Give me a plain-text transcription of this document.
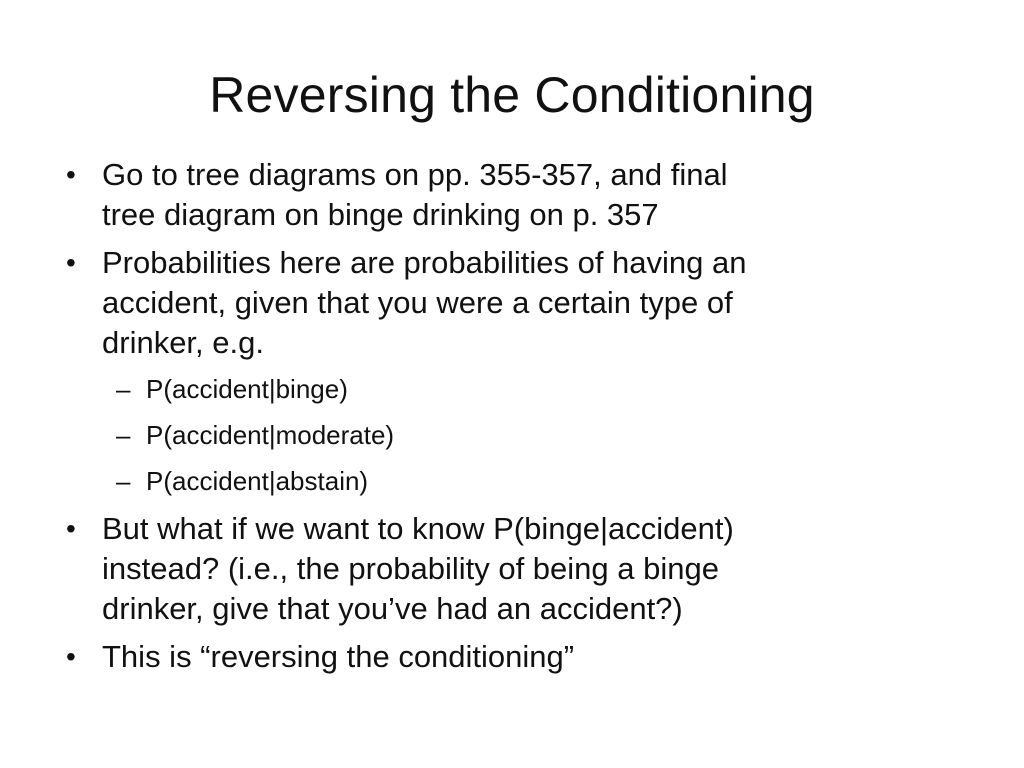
Reversing the Conditioning
• Go to tree diagrams on pp. 355-357, and final
tree diagram on binge drinking on p. 357
• Probabilities here are probabilities of having an
accident, given that you were a certain type of
drinker, e.g.
– P(accident|binge)
– P(accident|moderate)
– P(accident|abstain)
• But what if we want to know P(binge|accident)
instead? (i.e., the probability of being a binge
drinker, give that you’ve had an accident?)
• This is “reversing the conditioning”
